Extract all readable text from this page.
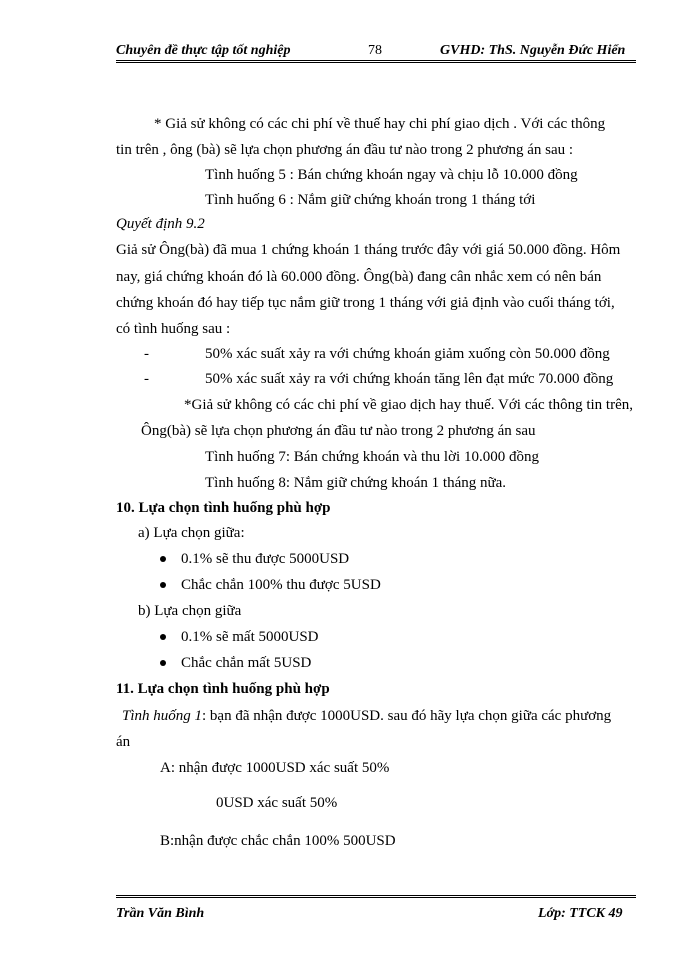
Chuyên đề thực tập tốt nghiệp	78	GVHD: ThS. Nguyễn Đức Hiển
* Giả sử không có các chi phí về thuế hay chi phí giao dịch . Với các thông
tin trên , ông (bà) sẽ lựa chọn phương án đầu tư nào trong 2 phương án sau :
Tình huống 5 : Bán chứng khoán ngay và chịu lỗ 10.000 đồng
Tình huống 6 : Nắm giữ chứng khoán trong 1 tháng tới
Quyết định 9.2
Giả sử Ông(bà) đã mua 1 chứng khoán 1 tháng trước đây với giá 50.000 đồng. Hôm
nay, giá chứng khoán đó là 60.000 đồng. Ông(bà) đang cân nhắc xem có nên bán
chứng khoán đó hay tiếp tục nắm giữ trong 1 tháng với giả định vào cuối tháng tới,
có tình huống sau :
-	50% xác suất xảy ra với chứng khoán giảm xuống còn 50.000 đồng
-	50% xác suất xảy ra với chứng khoán tăng lên đạt mức 70.000 đồng
*Giả sử không có các chi phí về giao dịch hay thuế. Với các thông tin trên,
Ông(bà) sẽ lựa chọn phương án đầu tư nào trong 2 phương án sau
Tình huống 7: Bán chứng khoán và thu lời 10.000 đồng
Tình huống 8: Nắm giữ chứng khoán 1 tháng nữa.
10. Lựa chọn tình huống phù hợp
a) Lựa chọn giữa:
0.1% sẽ thu được 5000USD
Chắc chắn 100% thu được 5USD
b) Lựa chọn giữa
0.1% sẽ mất 5000USD
Chắc chắn mất 5USD
11. Lựa chọn tình huống phù hợp
Tình huống 1: bạn đã nhận được 1000USD. sau đó hãy lựa chọn giữa các phương
án
A: nhận được 1000USD xác suất 50%
0USD xác suất 50%
B:nhận được chắc chắn 100% 500USD
Trần Văn Bình	Lớp: TTCK 49
